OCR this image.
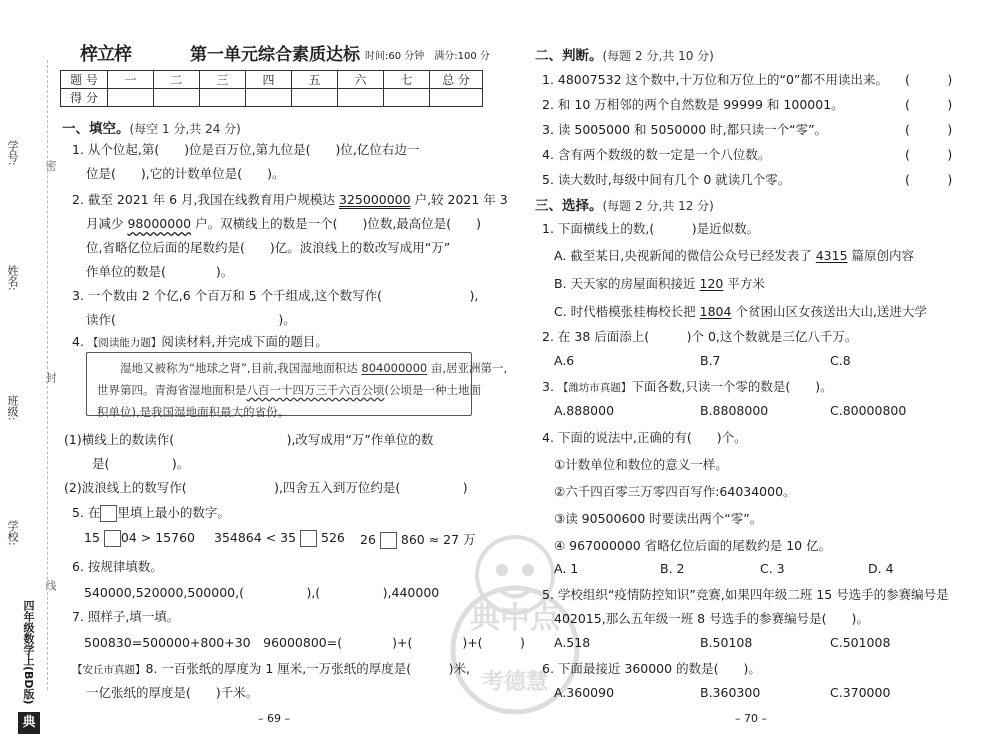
学号:
姓名:
班级:
学校:
密
封
线
四年级数学上(BD版)
典
梓立梓	第一单元综合素质达标 时间:60 分钟　满分:100 分
题 号	一	二	三	四	五	六	七	总 分
得 分								
一、填空。(每空 1 分,共 24 分)
1. 从个位起,第(　　)位是百万位,第九位是(　　)位,亿位右边一
位是(　　),它的计数单位是(　　)。
2. 截至 2021 年 6 月,我国在线教育用户规模达 325000000 户,较 2021 年 3
月减少 98000000 户。双横线上的数是一个(　　)位数,最高位是(　　)
位,省略亿位后面的尾数约是(　　)亿。波浪线上的数改写成用“万”
作单位的数是(　　　　)。
3. 一个数由 2 个亿,6 个百万和 5 个千组成,这个数写作(　　　　　　　),
读作(　　　　　　　　　　　　　)。
4. 【阅读能力题】阅读材料,并完成下面的题目。
湿地又被称为“地球之肾”,目前,我国湿地面积达 804000000 亩,居亚洲第一,
世界第四。青海省湿地面积是八百一十四万三千六百公顷(公顷是一种土地面
积单位),是我国湿地面积最大的省份。
(1)横线上的数读作(　　　　　　　　　),改写成用“万”作单位的数
是(　　　　　)。
(2)波浪线上的数写作(　　　　　　　),四舍五入到万位约是(　　　　　)
5. 在 里填上最小的数字。
15 04 > 15760 354864 < 35 526 26 860 ≈ 27 万
6. 按规律填数。
540000,520000,500000,(　　　　　),(　　　　　),440000
7. 照样子,填一填。
500830=500000+800+30　96000800=(　　　　)+(　　　　)+(　　　)
【安丘市真题】8. 一百张纸的厚度为 1 厘米,一万张纸的厚度是(　　　)米,
一亿张纸的厚度是(　　)千米。
– 69 –
二、判断。(每题 2 分,共 10 分)
1. 48007532 这个数中,十万位和万位上的“0”都不用读出来。
2. 和 10 万相邻的两个自然数是 99999 和 100001。
3. 读 5005000 和 5050000 时,都只读一个“零”。
4. 含有两个数级的数一定是一个八位数。
5. 读大数时,每级中间有几个 0 就读几个零。
(　　　)
(　　　)
(　　　)
(　　　)
(　　　)
三、选择。(每题 2 分,共 12 分)
1. 下面横线上的数,(　　　)是近似数。
A. 截至某日,央视新闻的微信公众号已经发表了 4315 篇原创内容
B. 天天家的房屋面积接近 120 平方米
C. 时代楷模张桂梅校长把 1804 个贫困山区女孩送出大山,送进大学
2. 在 38 后面添上(　　　)个 0,这个数就是三亿八千万。
A.6	B.7	C.8
3. 【潍坊市真题】下面各数,只读一个零的数是(　　)。
A.888000	B.8808000	C.80000800
4. 下面的说法中,正确的有(　　)个。
①计数单位和数位的意义一样。
②六千四百零三万零四百写作:64034000。
③读 90500600 时要读出两个“零”。
④ 967000000 省略亿位后面的尾数约是 10 亿。
A. 1	B. 2	C. 3	D. 4
5. 学校组织“疫情防控知识”竞赛,如果四年级二班 15 号选手的参赛编号是
402015,那么五年级一班 8 号选手的参赛编号是(　　)。
A.518	B.50108	C.501008
6. 下面最接近 360000 的数是(　　)。
A.360090	B.360300	C.370000
– 70 –
典中点
考德慧
